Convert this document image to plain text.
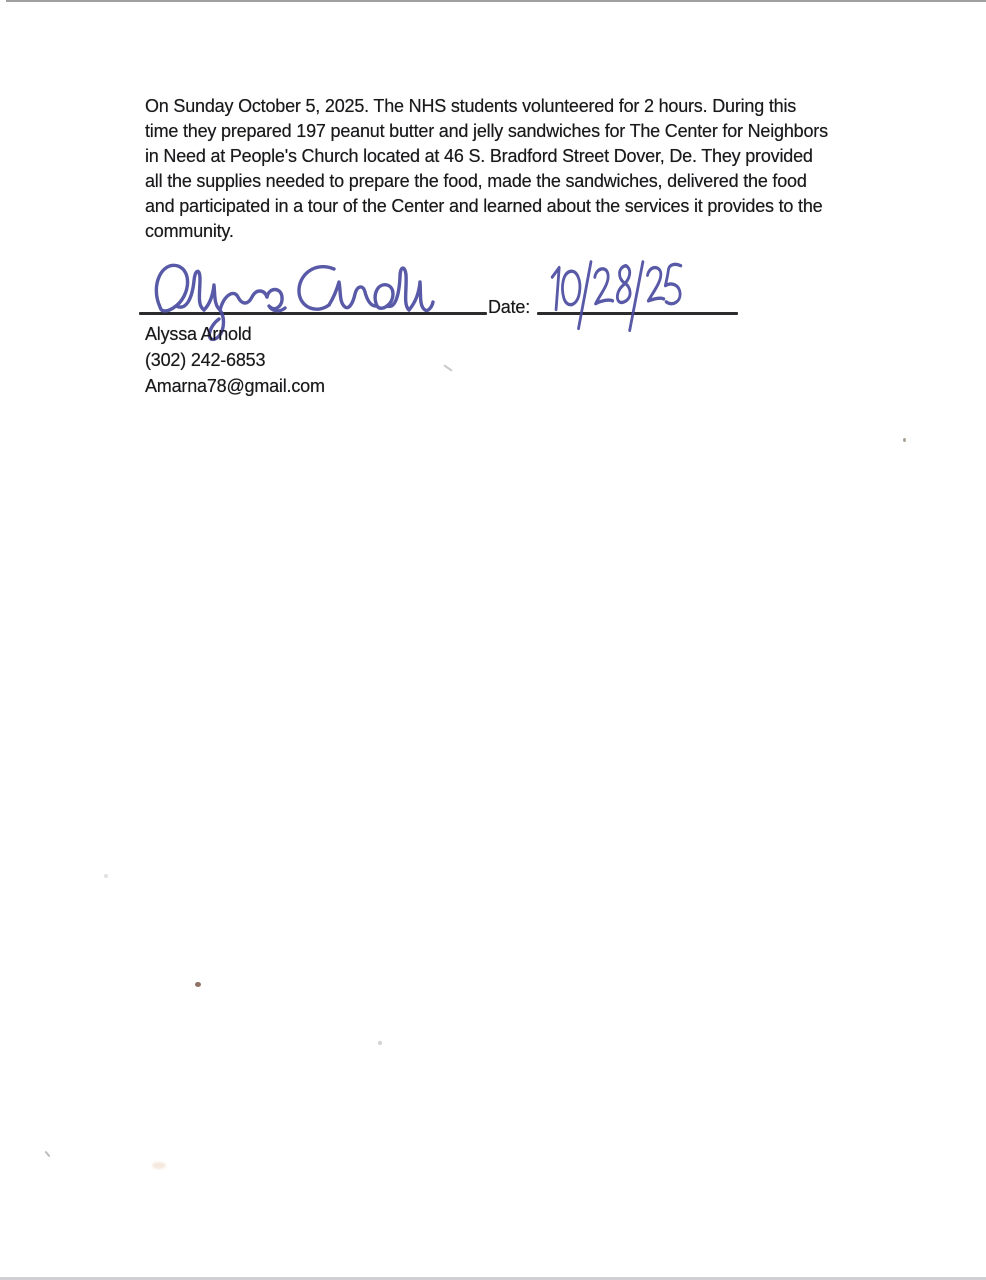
On Sunday October 5, 2025. The NHS students volunteered for 2 hours. During this
time they prepared 197 peanut butter and jelly sandwiches for The Center for Neighbors
in Need at People's Church located at 46 S. Bradford Street Dover, De. They provided
all the supplies needed to prepare the food, made the sandwiches, delivered the food
and participated in a tour of the Center and learned about the services it provides to the
community.
Date:
Alyssa Arnold
(302) 242-6853
Amarna78@gmail.com
